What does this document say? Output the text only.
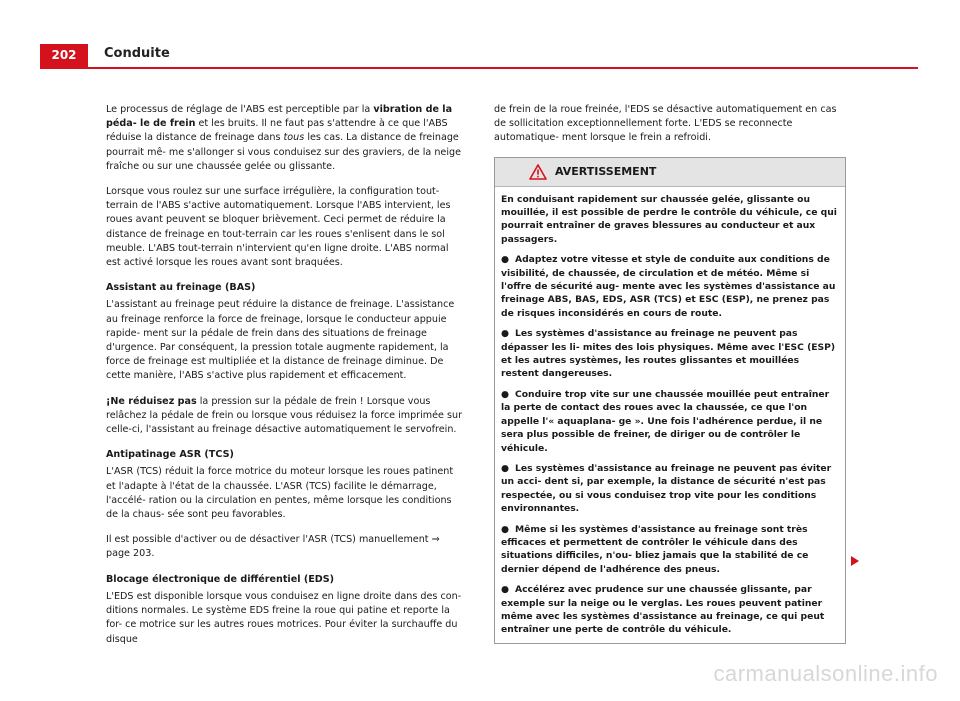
202	Conduite

Le processus de réglage de l'ABS est perceptible par la vibration de la péda- le de frein et les bruits. Il ne faut pas s'attendre à ce que l'ABS réduise la distance de freinage dans tous les cas. La distance de freinage pourrait mê- me s'allonger si vous conduisez sur des graviers, de la neige fraîche ou sur une chaussée gelée ou glissante.

Lorsque vous roulez sur une surface irrégulière, la configuration tout-terrain de l'ABS s'active automatiquement. Lorsque l'ABS intervient, les roues avant peuvent se bloquer brièvement. Ceci permet de réduire la distance de freinage en tout-terrain car les roues s'enlisent dans le sol meuble. L'ABS tout-terrain n'intervient qu'en ligne droite. L'ABS normal est activé lorsque les roues avant sont braquées.

Assistant au freinage (BAS)

L'assistant au freinage peut réduire la distance de freinage. L'assistance au freinage renforce la force de freinage, lorsque le conducteur appuie rapide- ment sur la pédale de frein dans des situations de freinage d'urgence. Par conséquent, la pression totale augmente rapidement, la force de freinage est multipliée et la distance de freinage diminue. De cette manière, l'ABS s'active plus rapidement et efficacement.

¡Ne réduisez pas la pression sur la pédale de frein ! Lorsque vous relâchez la pédale de frein ou lorsque vous réduisez la force imprimée sur celle-ci, l'assistant au freinage désactive automatiquement le servofrein.

Antipatinage ASR (TCS)

L'ASR (TCS) réduit la force motrice du moteur lorsque les roues patinent et l'adapte à l'état de la chaussée. L'ASR (TCS) facilite le démarrage, l'accélé- ration ou la circulation en pentes, même lorsque les conditions de la chaus- sée sont peu favorables.

Il est possible d'activer ou de désactiver l'ASR (TCS) manuellement ⇒ page 203.

Blocage électronique de différentiel (EDS)

L'EDS est disponible lorsque vous conduisez en ligne droite dans des con- ditions normales. Le système EDS freine la roue qui patine et reporte la for- ce motrice sur les autres roues motrices. Pour éviter la surchauffe du disque

de frein de la roue freinée, l'EDS se désactive automatiquement en cas de sollicitation exceptionnellement forte. L'EDS se reconnecte automatique- ment lorsque le frein a refroidi.

AVERTISSEMENT

En conduisant rapidement sur chaussée gelée, glissante ou mouillée, il est possible de perdre le contrôle du véhicule, ce qui pourrait entraîner de graves blessures au conducteur et aux passagers.

● Adaptez votre vitesse et style de conduite aux conditions de visibilité, de chaussée, de circulation et de météo. Même si l'offre de sécurité aug- mente avec les systèmes d'assistance au freinage ABS, BAS, EDS, ASR (TCS) et ESC (ESP), ne prenez pas de risques inconsidérés en cours de route.

● Les systèmes d'assistance au freinage ne peuvent pas dépasser les li- mites des lois physiques. Même avec l'ESC (ESP) et les autres systèmes, les routes glissantes et mouillées restent dangereuses.

● Conduire trop vite sur une chaussée mouillée peut entraîner la perte de contact des roues avec la chaussée, ce que l'on appelle l'« aquaplana- ge ». Une fois l'adhérence perdue, il ne sera plus possible de freiner, de diriger ou de contrôler le véhicule.

● Les systèmes d'assistance au freinage ne peuvent pas éviter un acci- dent si, par exemple, la distance de sécurité n'est pas respectée, ou si vous conduisez trop vite pour les conditions environnantes.

● Même si les systèmes d'assistance au freinage sont très efficaces et permettent de contrôler le véhicule dans des situations difficiles, n'ou- bliez jamais que la stabilité de ce dernier dépend de l'adhérence des pneus.

● Accélérez avec prudence sur une chaussée glissante, par exemple sur la neige ou le verglas. Les roues peuvent patiner même avec les systèmes d'assistance au freinage, ce qui peut entraîner une perte de contrôle du véhicule.

carmanualsonline.info
